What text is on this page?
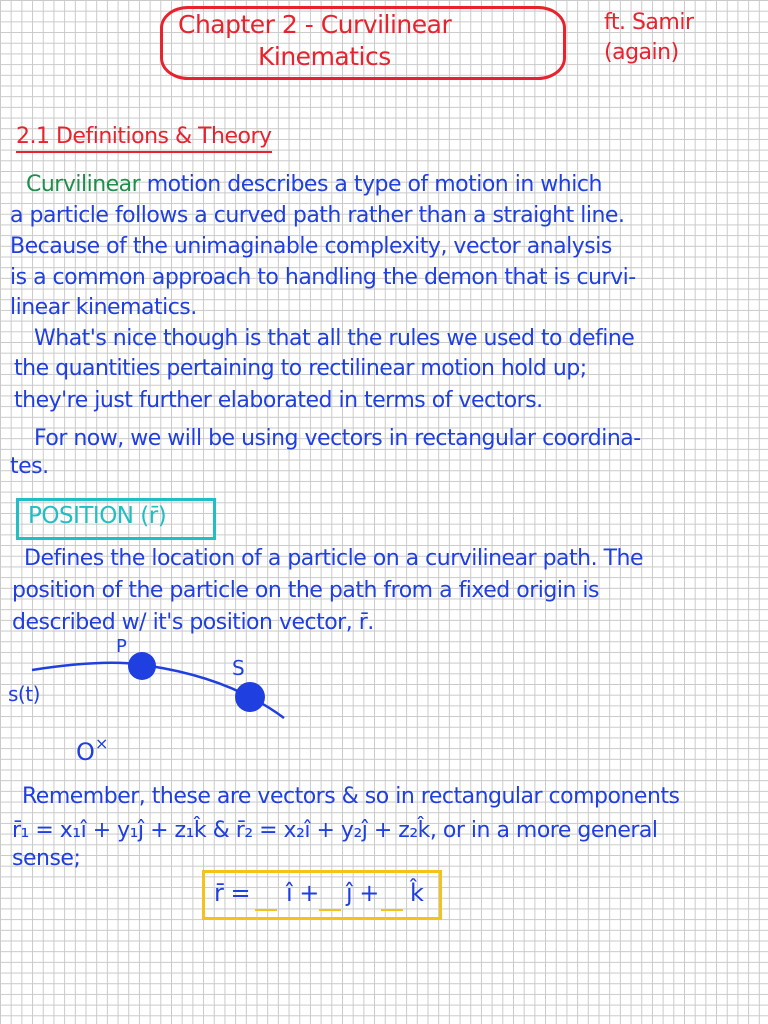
Chapter 2 - Curvilinear
Kinematics
ft. Samir
(again)
2.1 Definitions & Theory
Curvilinear motion describes a type of motion in which
a particle follows a curved path rather than a straight line.
Because of the unimaginable complexity, vector analysis
is a common approach to handling the demon that is curvi-
linear kinematics.
What's nice though is that all the rules we used to define
the quantities pertaining to rectilinear motion hold up;
they're just further elaborated in terms of vectors.
For now, we will be using vectors in rectangular coordina-
tes.
POSITION (r̄)
Defines the location of a particle on a curvilinear path. The
position of the particle on the path from a fixed origin is
described w/ it's position vector, r̄.
P
S
s(t)
O ×
Remember, these are vectors & so in rectangular components
r̄₁ = x₁î + y₁ĵ + z₁k̂ & r̄₂ = x₂î + y₂ĵ + z₂k̂, or in a more general
sense;
r̄ = î + ĵ + k̂
